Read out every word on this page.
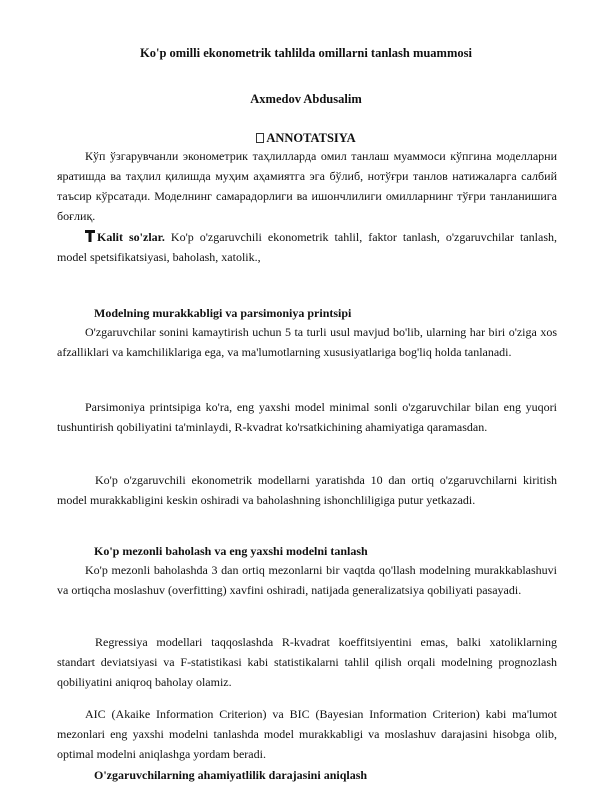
Ko'p omilli ekonometrik tahlilda omillarni tanlash muammosi
Axmedov Abdusalim
ANNOTATSIYA
Кўп ўзгарувчанли эконометрик таҳлилларда омил танлаш муаммоси кўпгина моделларни яратишда ва таҳлил қилишда муҳим аҳамиятга эга бўлиб, нотўғри танлов натижаларга салбий таъсир кўрсатади. Моделнинг самарадорлиги ва ишончлилиги омилларнинг тўғри танланишига боғлиқ.
Kalit so'zlar. Ko'p o'zgaruvchili ekonometrik tahlil, faktor tanlash, o'zgaruvchilar tanlash, model spetsifikatsiyasi, baholash, xatolik.,
Modelning murakkabligi va parsimoniya printsipi
O'zgaruvchilar sonini kamaytirish uchun 5 ta turli usul mavjud bo'lib, ularning har biri o'ziga xos afzalliklari va kamchiliklariga ega, va ma'lumotlarning xususiyatlariga bog'liq holda tanlanadi.
Parsimoniya printsipiga ko'ra, eng yaxshi model minimal sonli o'zgaruvchilar bilan eng yuqori tushuntirish qobiliyatini ta'minlaydi, R-kvadrat ko'rsatkichining ahamiyatiga qaramasdan.
Ko'p o'zgaruvchili ekonometrik modellarni yaratishda 10 dan ortiq o'zgaruvchilarni kiritish model murakkabligini keskin oshiradi va baholashning ishonchliligiga putur yetkazadi.
Ko'p mezonli baholash va eng yaxshi modelni tanlash
Ko'p mezonli baholashda 3 dan ortiq mezonlarni bir vaqtda qo'llash modelning murakkablashuvi va ortiqcha moslashuv (overfitting) xavfini oshiradi, natijada generalizatsiya qobiliyati pasayadi.
Regressiya modellari taqqoslashda R-kvadrat koeffitsiyentini emas, balki xatoliklarning standart deviatsiyasi va F-statistikasi kabi statistikalarni tahlil qilish orqali modelning prognozlash qobiliyatini aniqroq baholay olamiz.
AIC (Akaike Information Criterion) va BIC (Bayesian Information Criterion) kabi ma'lumot mezonlari eng yaxshi modelni tanlashda model murakkabligi va moslashuv darajasini hisobga olib, optimal modelni aniqlashga yordam beradi.
O'zgaruvchilarning ahamiyatlilik darajasini aniqlash
